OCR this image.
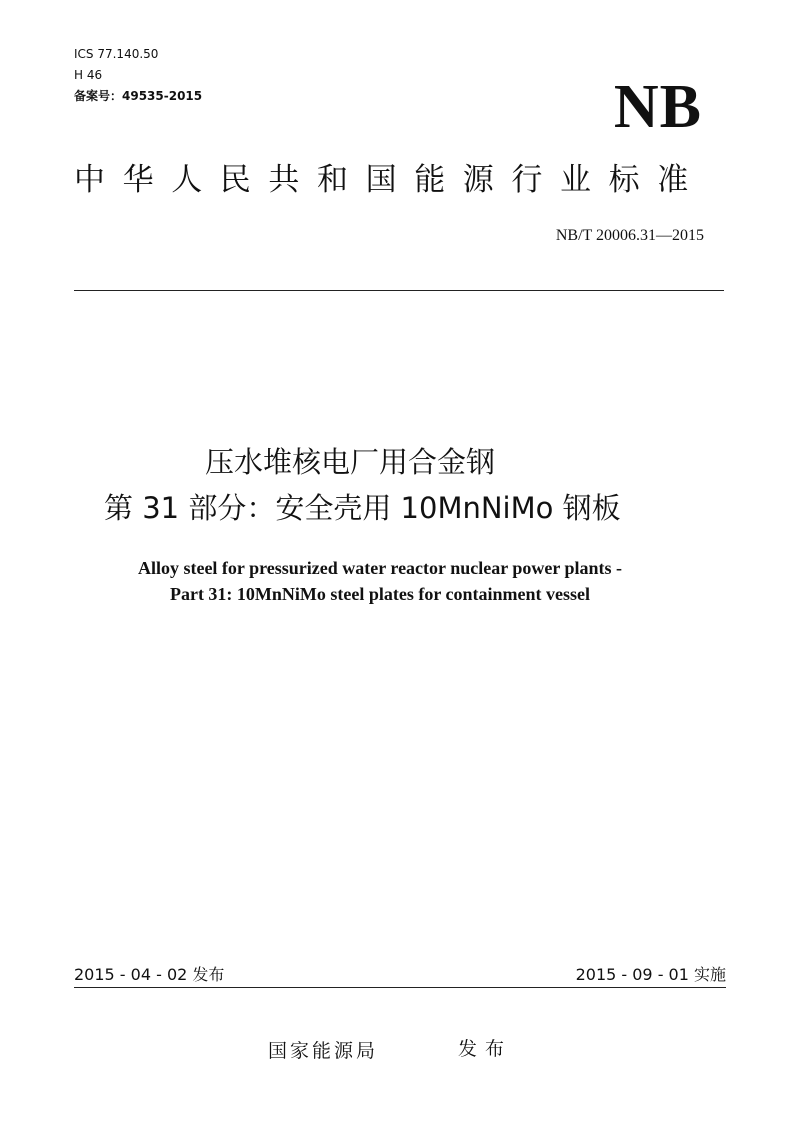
ICS 77.140.50
H 46
备案号：49535-2015	NB
中华人民共和国能源行业标准
NB/T 20006.31—2015
压水堆核电厂用合金钢
第 31 部分：安全壳用 10MnNiMo 钢板
Alloy steel for pressurized water reactor nuclear power plants -
Part 31: 10MnNiMo steel plates for containment vessel
2015 - 04 - 02 发布	2015 - 09 - 01 实施
国家能源局	发布
